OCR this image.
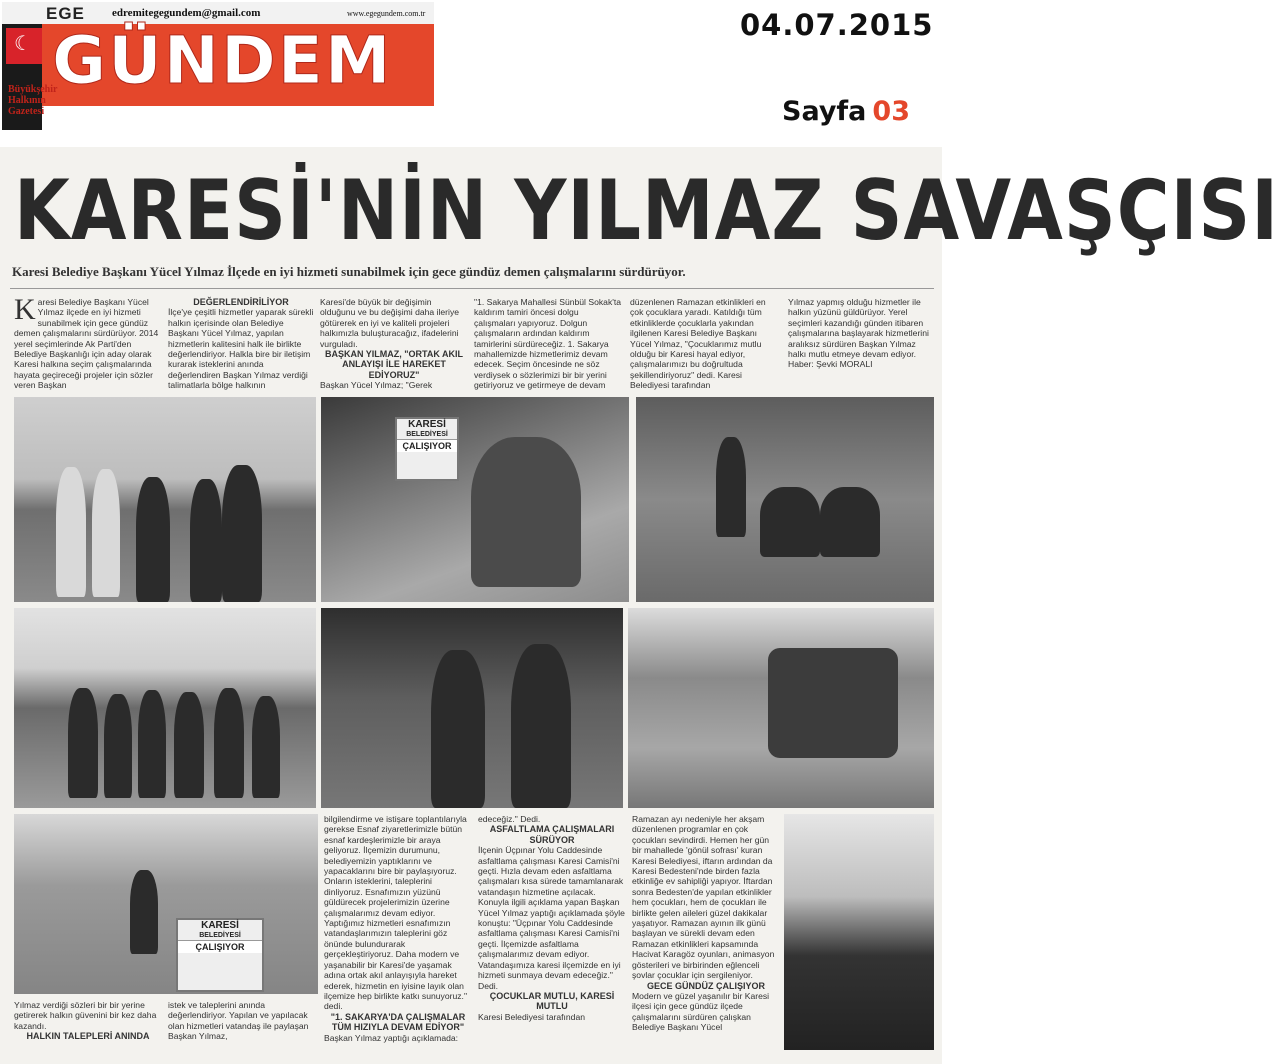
EGE edremitegegundem@gmail.com	www.egegundem.com.tr
☾ GÜNDEM
Büyükşehir Halkının Gazetesi
04.07.2015
Sayfa 03
KARESİ'NİN YILMAZ SAVAŞÇISI
Karesi Belediye Başkanı Yücel Yılmaz İlçede en iyi hizmeti sunabilmek için gece gündüz demen çalışmalarını sürdürüyor.
Karesi Belediye Başkanı Yücel Yılmaz ilçede en iyi hizmeti sunabilmek için gece gündüz demen çalışmalarını sürdürüyor. 2014 yerel seçimlerinde Ak Parti'den Belediye Başkanlığı için aday olarak Karesi halkına seçim çalışmalarında hayata geçireceği projeler için sözler veren Başkan
DEĞERLENDİRİLİYOR
İlçe'ye çeşitli hizmetler yaparak sürekli halkın içerisinde olan Belediye Başkanı Yücel Yılmaz, yapılan hizmetlerin kalitesini halk ile birlikte değerlendiriyor. Halkla bire bir iletişim kurarak isteklerini anında değerlendiren Başkan Yılmaz verdiği talimatlarla bölge halkının
Karesi'de büyük bir değişimin olduğunu ve bu değişimi daha ileriye götürerek en iyi ve kaliteli projeleri halkımızla buluşturacağız, ifadelerini vurguladı.
BAŞKAN YILMAZ, "ORTAK AKIL ANLAYIŞI İLE HAREKET EDİYORUZ"
Başkan Yücel Yılmaz; "Gerek
"1. Sakarya Mahallesi Sünbül Sokak'ta kaldırım tamiri öncesi dolgu çalışmaları yapıyoruz. Dolgun çalışmaların ardından kaldırım tamirlerini sürdüreceğiz. 1. Sakarya mahallemizde hizmetlerimiz devam edecek. Seçim öncesinde ne söz verdiysek o sözlerimizi bir bir yerini getiriyoruz ve getirmeye de devam
düzenlenen Ramazan etkinlikleri en çok çocuklara yaradı. Katıldığı tüm etkinliklerde çocuklarla yakından ilgilenen Karesi Belediye Başkanı Yücel Yılmaz, "Çocuklarımız mutlu olduğu bir Karesi hayal ediyor, çalışmalarımızı bu doğrultuda şekillendiriyoruz" dedi. Karesi Belediyesi tarafından
Yılmaz yapmış olduğu hizmetler ile halkın yüzünü güldürüyor. Yerel seçimleri kazandığı günden itibaren çalışmalarına başlayarak hizmetlerini aralıksız sürdüren Başkan Yılmaz halkı mutlu etmeye devam ediyor.
Haber: Şevki MORALI
KARESİ
BELEDİYESİ
ÇALIŞIYOR
KARESİ
BELEDİYESİ
ÇALIŞIYOR
Yılmaz verdiği sözleri bir bir yerine getirerek halkın güvenini bir kez daha kazandı.
HALKIN TALEPLERİ ANINDA
istek ve taleplerini anında değerlendiriyor. Yapılan ve yapılacak olan hizmetleri vatandaş ile paylaşan Başkan Yılmaz,
bilgilendirme ve istişare toplantılarıyla gerekse Esnaf ziyaretlerimizle bütün esnaf kardeşlerimizle bir araya geliyoruz. İlçemizin durumunu, belediyemizin yaptıklarını ve yapacaklarını bire bir paylaşıyoruz. Onların isteklerini, taleplerini dinliyoruz. Esnafımızın yüzünü güldürecek projelerimizin üzerine çalışmalarımız devam ediyor. Yaptığımız hizmetleri esnafımızın vatandaşlarımızın taleplerini göz önünde bulundurarak gerçekleştiriyoruz. Daha modern ve yaşanabilir bir Karesi'de yaşamak adına ortak akıl anlayışıyla hareket ederek, hizmetin en iyisine layık olan ilçemize hep birlikte katkı sunuyoruz." dedi.
"1. SAKARYA'DA ÇALIŞMALAR TÜM HIZIYLA DEVAM EDİYOR"
Başkan Yılmaz yaptığı açıklamada:
edeceğiz." Dedi.
ASFALTLAMA ÇALIŞMALARI SÜRÜYOR
İlçenin Üçpınar Yolu Caddesinde asfaltlama çalışması Karesi Camisi'ni geçti. Hızla devam eden asfaltlama çalışmaları kısa sürede tamamlanarak vatandaşın hizmetine açılacak. Konuyla ilgili açıklama yapan Başkan Yücel Yılmaz yaptığı açıklamada şöyle konuştu: "Üçpınar Yolu Caddesinde asfaltlama çalışması Karesi Camisi'ni geçti. İlçemizde asfaltlama çalışmalarımız devam ediyor. Vatandaşımıza karesi ilçemizde en iyi hizmeti sunmaya devam edeceğiz." Dedi.
ÇOCUKLAR MUTLU, KARESİ MUTLU
Karesi Belediyesi tarafından
Ramazan ayı nedeniyle her akşam düzenlenen programlar en çok çocukları sevindirdi. Hemen her gün bir mahallede 'gönül sofrası' kuran Karesi Belediyesi, iftarın ardından da Karesi Bedesteni'nde birden fazla etkinliğe ev sahipliği yapıyor. İftardan sonra Bedesten'de yapılan etkinlikler hem çocukları, hem de çocukları ile birlikte gelen aileleri güzel dakikalar yaşatıyor. Ramazan ayının ilk günü başlayan ve sürekli devam eden Ramazan etkinlikleri kapsamında Hacivat Karagöz oyunları, animasyon gösterileri ve birbirinden eğlenceli şovlar çocuklar için sergileniyor.
GECE GÜNDÜZ ÇALIŞIYOR
Modern ve güzel yaşanılır bir Karesi ilçesi için gece gündüz ilçede çalışmalarını sürdüren çalışkan Belediye Başkanı Yücel
